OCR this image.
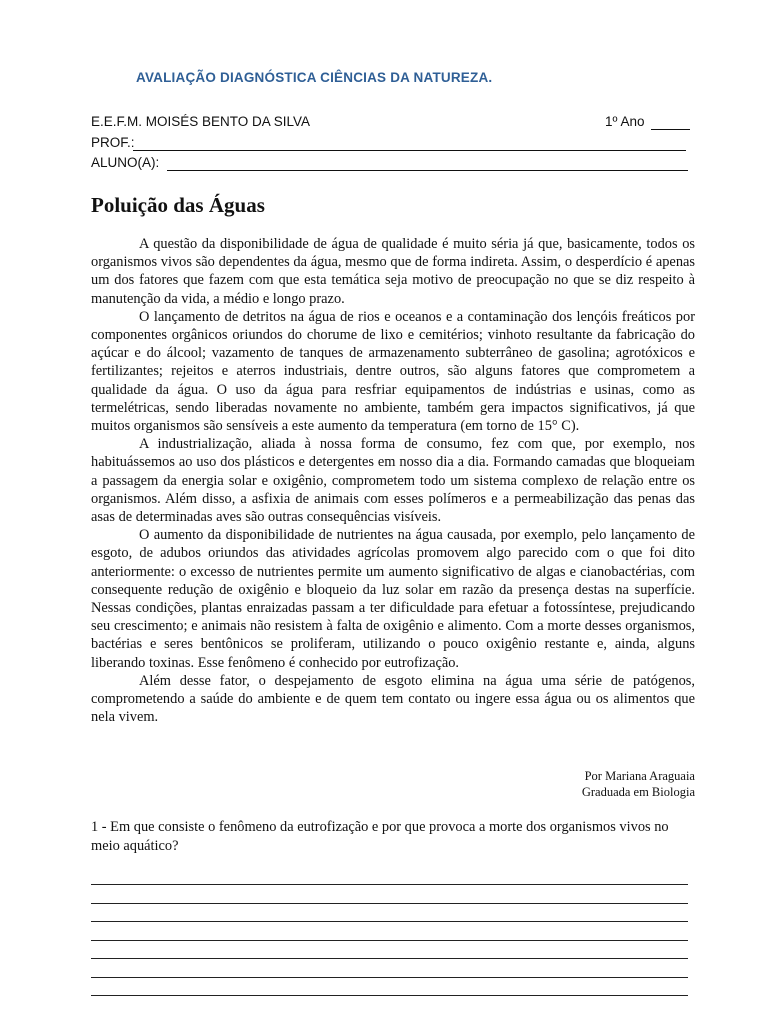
AVALIAÇÃO DIAGNÓSTICA CIÊNCIAS DA NATUREZA.
E.E.F.M. MOISÉS BENTO DA SILVA	1º Ano
PROF.:
ALUNO(A):
Poluição das Águas

A questão da disponibilidade de água de qualidade é muito séria já que, basicamente, todos os organismos vivos são dependentes da água, mesmo que de forma indireta. Assim, o desperdício é apenas um dos fatores que fazem com que esta temática seja motivo de preocupação no que se diz respeito à manutenção da vida, a médio e longo prazo.

O lançamento de detritos na água de rios e oceanos e a contaminação dos lençóis freáticos por componentes orgânicos oriundos do chorume de lixo e cemitérios; vinhoto resultante da fabricação do açúcar e do álcool; vazamento de tanques de armazenamento subterrâneo de gasolina; agrotóxicos e fertilizantes; rejeitos e aterros industriais, dentre outros, são alguns fatores que comprometem a qualidade da água. O uso da água para resfriar equipamentos de indústrias e usinas, como as termelétricas, sendo liberadas novamente no ambiente, também gera impactos significativos, já que muitos organismos são sensíveis a este aumento da temperatura (em torno de 15° C).

A industrialização, aliada à nossa forma de consumo, fez com que, por exemplo, nos habituássemos ao uso dos plásticos e detergentes em nosso dia a dia. Formando camadas que bloqueiam a passagem da energia solar e oxigênio, comprometem todo um sistema complexo de relação entre os organismos. Além disso, a asfixia de animais com esses polímeros e a permeabilização das penas das asas de determinadas aves são outras consequências visíveis.

O aumento da disponibilidade de nutrientes na água causada, por exemplo, pelo lançamento de esgoto, de adubos oriundos das atividades agrícolas promovem algo parecido com o que foi dito anteriormente: o excesso de nutrientes permite um aumento significativo de algas e cianobactérias, com consequente redução de oxigênio e bloqueio da luz solar em razão da presença destas na superfície. Nessas condições, plantas enraizadas passam a ter dificuldade para efetuar a fotossíntese, prejudicando seu crescimento; e animais não resistem à falta de oxigênio e alimento. Com a morte desses organismos, bactérias e seres bentônicos se proliferam, utilizando o pouco oxigênio restante e, ainda, alguns liberando toxinas. Esse fenômeno é conhecido por eutrofização.

Além desse fator, o despejamento de esgoto elimina na água uma série de patógenos, comprometendo a saúde do ambiente e de quem tem contato ou ingere essa água ou os alimentos que nela vivem.

Por Mariana Araguaia
Graduada em Biologia
1 - Em que consiste o fenômeno da eutrofização e por que provoca a morte dos organismos vivos no meio aquático?
